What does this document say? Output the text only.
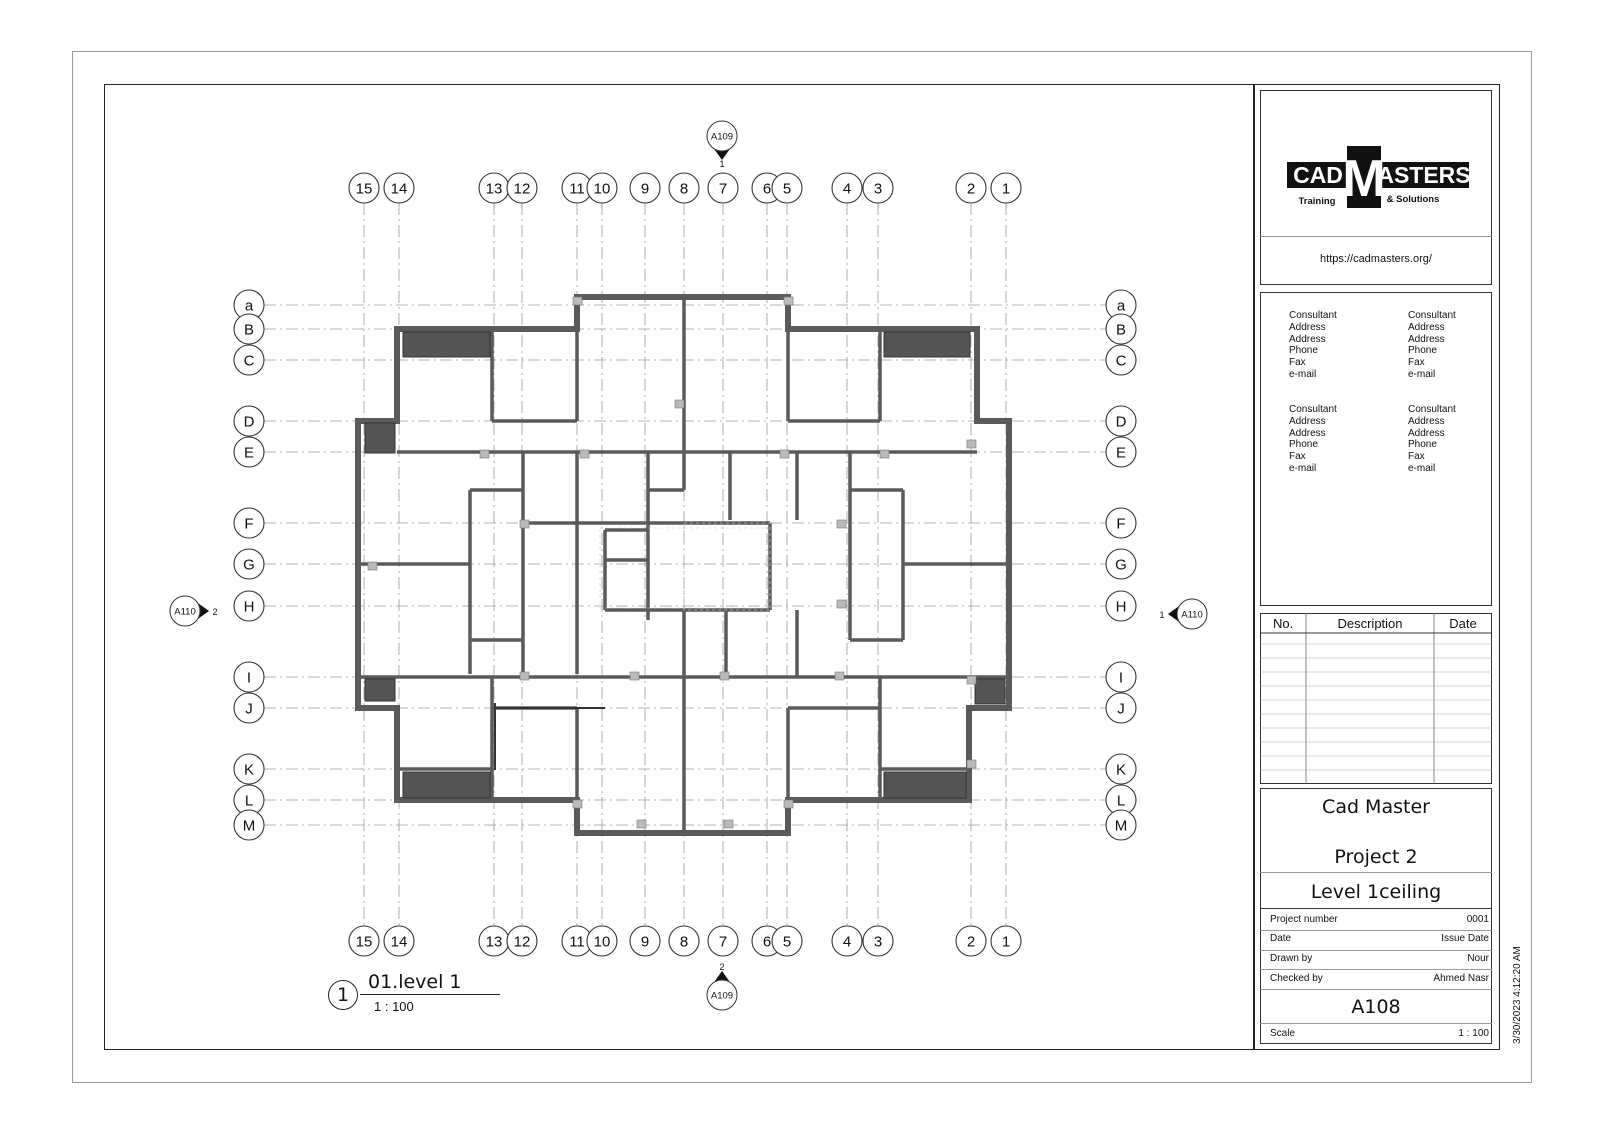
15
15
14
14
13
13
12
12
11
11
10
10
9
9
8
8
7
7
6
6
5
5
4
4
3
3
2
2
1
1
a	a
B	B
C	C
D	D
E	E
F	F
G	G
H	H
I	I
J	J
K	K
L	L
M	M
A109
1
A109
2
A110 2	A110
1
1
01.level 1
1 : 100
CAD M
ASTERS
Training	& Solutions
https://cadmasters.org/
Consultant
Address
Address
Phone
Fax
e-mail
Consultant
Address
Address
Phone
Fax
e-mail
Consultant
Address
Address
Phone
Fax
e-mail
Consultant
Address
Address
Phone
Fax
e-mail
No.	Description	Date
Cad Master
Project 2
Level 1ceiling
Project number	0001
Date	Issue Date
Drawn by	Nour
Checked by	Ahmed Nasr
A108
Scale	1 : 100 3/30/2023 4:12:20 AM
